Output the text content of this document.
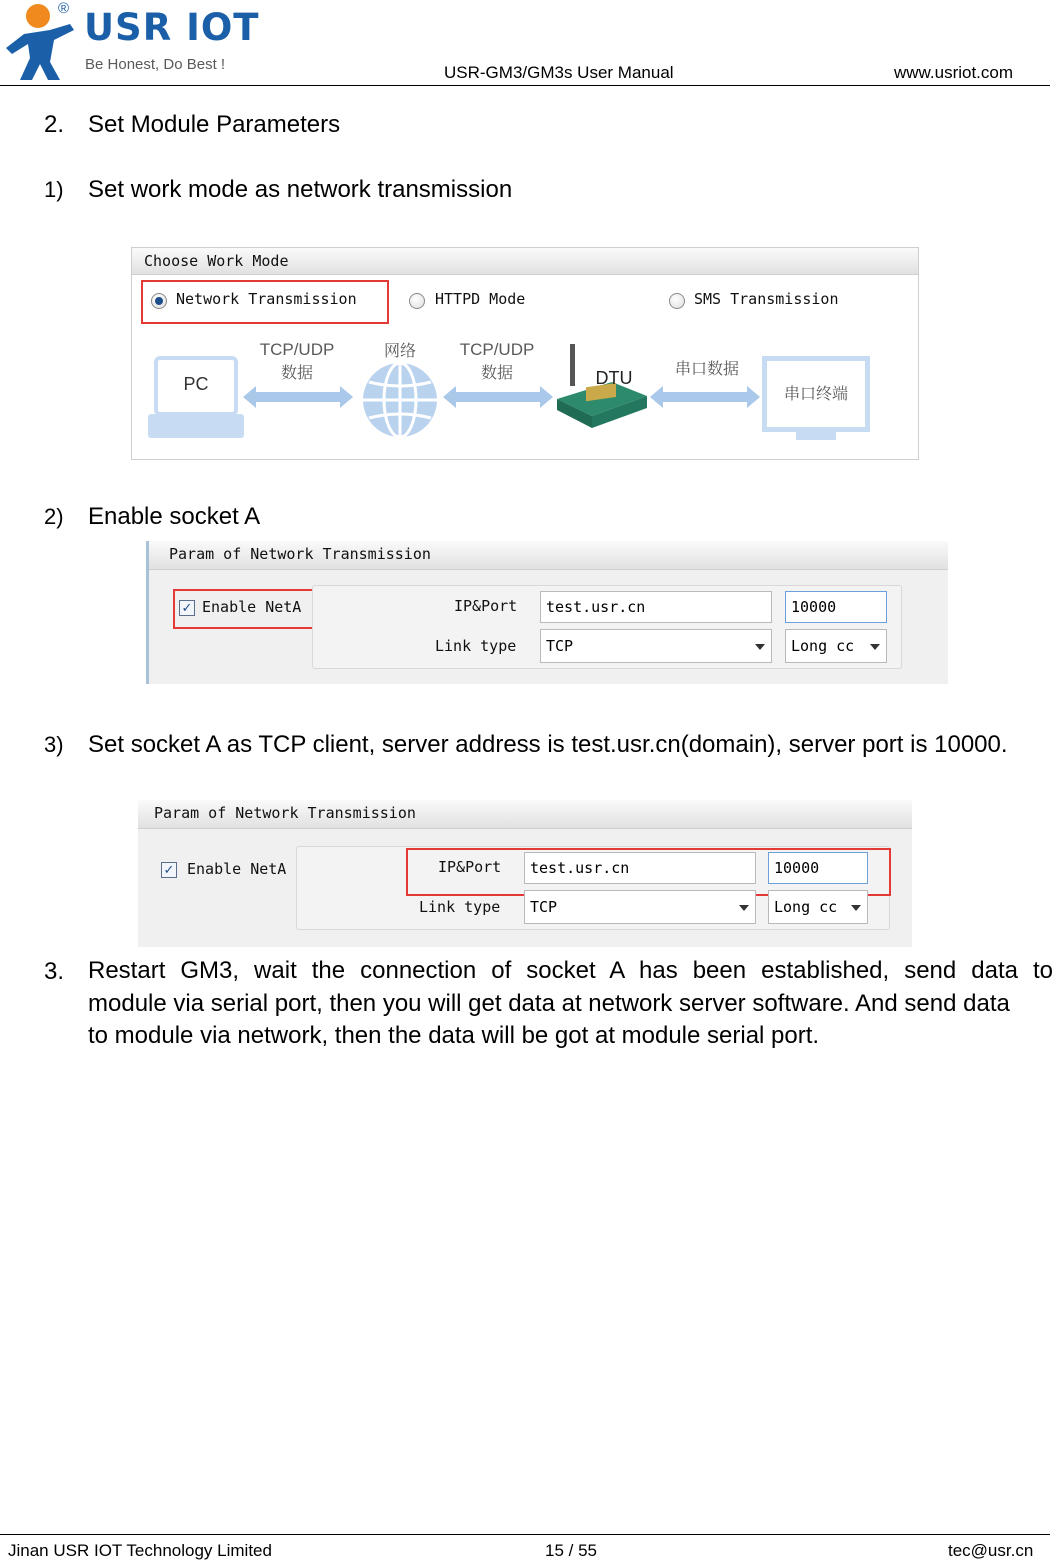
® USR IOT
Be Honest, Do Best !	USR-GM3/GM3s User Manual	www.usriot.com
2. Set Module Parameters
1) Set work mode as network transmission
Choose Work Mode
Network Transmission	HTTPD Mode	SMS Transmission
PC
TCP/UDP
数据
网络	TCP/UDP
数据	DTU	串口数据
串口终端
2) Enable socket A
Param of Network Transmission
✓ Enable NetA	IP&Port	test.usr.cn	10000
Link type	TCP	Long cc
3) Set socket A as TCP client, server address is test.usr.cn(domain), server port is 10000.
Param of Network Transmission
✓ Enable NetA	IP&Port	test.usr.cn	10000
Link type	TCP	Long cc
3. Restart GM3, wait the connection of socket A has been established, send data to
module via serial port, then you will get data at network server software. And send data
to module via network, then the data will be got at module serial port.
Jinan USR IOT Technology Limited	15 / 55	tec@usr.cn
